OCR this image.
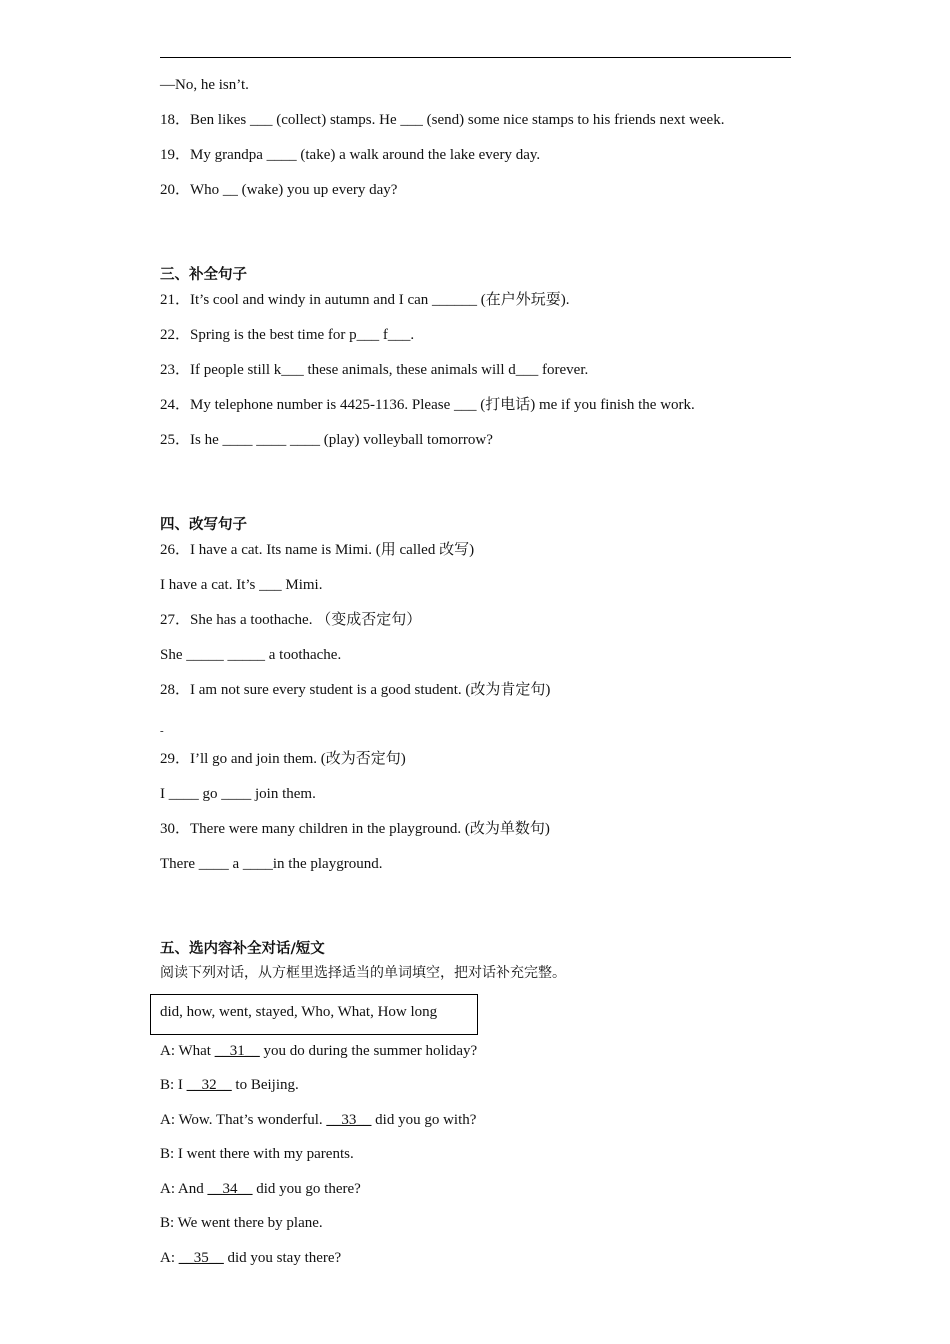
—No, he isn’t.
18．Ben likes ___ (collect) stamps. He ___ (send) some nice stamps to his friends next week.
19．My grandpa ____ (take) a walk around the lake every day.
20．Who __ (wake) you up every day?
三、补全句子
21．It’s cool and windy in autumn and I can ______ (在户外玩耍).
22．Spring is the best time for p___ f___.
23．If people still k___ these animals, these animals will d___ forever.
24．My telephone number is 4425-1136. Please ___ (打电话) me if you finish the work.
25．Is he ____ ____ ____ (play) volleyball tomorrow?
四、改写句子
26．I have a cat. Its name is Mimi. (用 called 改写)
I have a cat. It’s ___ Mimi.
27．She has a toothache. （变成否定句）
She _____ _____ a toothache.
28．I am not sure every student is a good student. (改为肯定句)
-
29．I’ll go and join them. (改为否定句)
I ____ go ____ join them.
30．There were many children in the playground. (改为单数句)
There ____ a ____in the playground.
五、选内容补全对话/短文
阅读下列对话，从方框里选择适当的单词填空，把对话补充完整。
did, how, went, stayed, Who, What, How long
A: What __31__ you do during the summer holiday?
B: I __32__ to Beijing.
A: Wow. That’s wonderful. __33__ did you go with?
B: I went there with my parents.
A: And __34__ did you go there?
B: We went there by plane.
A: __35__ did you stay there?
